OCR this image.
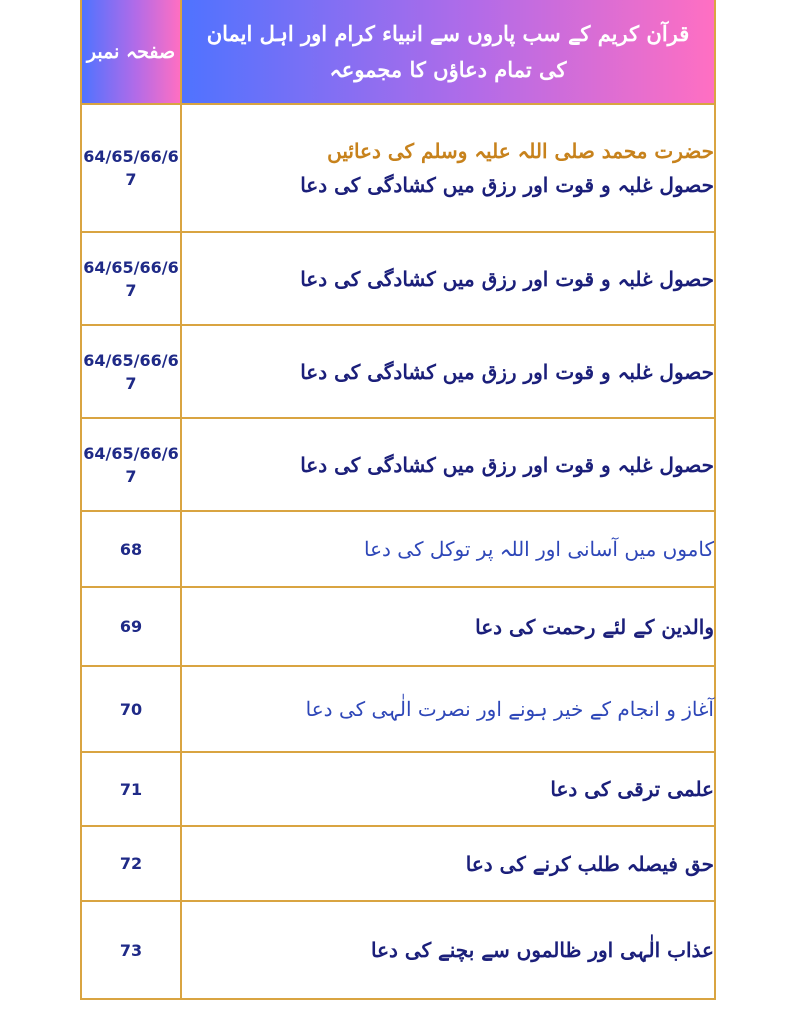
صفحہ نمبر	قرآن کریم کے سب پاروں سے انبیاء کرام اور اہل ایمان کی تمام دعاؤں کا مجموعہ

64/65/66/67	حضرت محمد صلی اللہ علیہ وسلم کی دعائیں
حصول غلبہ و قوت اور رزق میں کشادگی کی دعا

64/65/66/67	حصول غلبہ و قوت اور رزق میں کشادگی کی دعا
64/65/66/67	حصول غلبہ و قوت اور رزق میں کشادگی کی دعا
64/65/66/67	حصول غلبہ و قوت اور رزق میں کشادگی کی دعا
68	کاموں میں آسانی اور اللہ پر توکل کی دعا
69	والدین کے لئے رحمت کی دعا
70	آغاز و انجام کے خیر ہونے اور نصرت الٰہی کی دعا
71	علمی ترقی کی دعا
72	حق فیصلہ طلب کرنے کی دعا
73	عذاب الٰہی اور ظالموں سے بچنے کی دعا
